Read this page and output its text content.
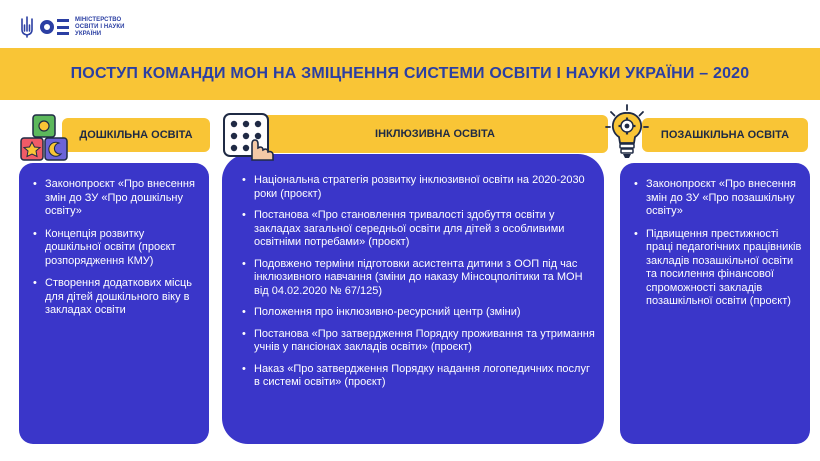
МІНІСТЕРСТВО
ОСВІТИ І НАУКИ
УКРАЇНИ
ПОСТУП КОМАНДИ МОН НА ЗМІЦНЕННЯ СИСТЕМИ ОСВІТИ І НАУКИ УКРАЇНИ – 2020
• Законопроєкт «Про внесення змін до ЗУ «Про дошкільну освіту»
• Концепція розвитку дошкільної освіти (проєкт розпорядження КМУ)
• Створення додаткових місць для дітей дошкільного віку в закладах освіти
ДОШКІЛЬНА ОСВІТА
• Національна стратегія розвитку інклюзивної освіти на 2020-2030 роки (проєкт)
• Постанова «Про становлення тривалості здобуття освіти у закладах загальної середньої освіти для дітей з особливими освітніми потребами» (проєкт)
• Подовжено терміни підготовки асистента дитини з ООП під час інклюзивного навчання (зміни до наказу Мінсоцполітики та МОН від 04.02.2020 № 67/125)
• Положення про інклюзивно-ресурсний центр (зміни)
• Постанова «Про затвердження Порядку проживання та утримання учнів у пансіонах закладів освіти» (проєкт)
• Наказ «Про затвердження Порядку надання логопедичних послуг в системі освіти» (проєкт)
ІНКЛЮЗИВНА ОСВІТА
• Законопроєкт «Про внесення змін до ЗУ «Про позашкільну освіту»
• Підвищення престижності праці педагогічних працівників закладів позашкільної освіти та посилення фінансової спроможності закладів позашкільної освіти (проєкт)
ПОЗАШКІЛЬНА ОСВІТА
